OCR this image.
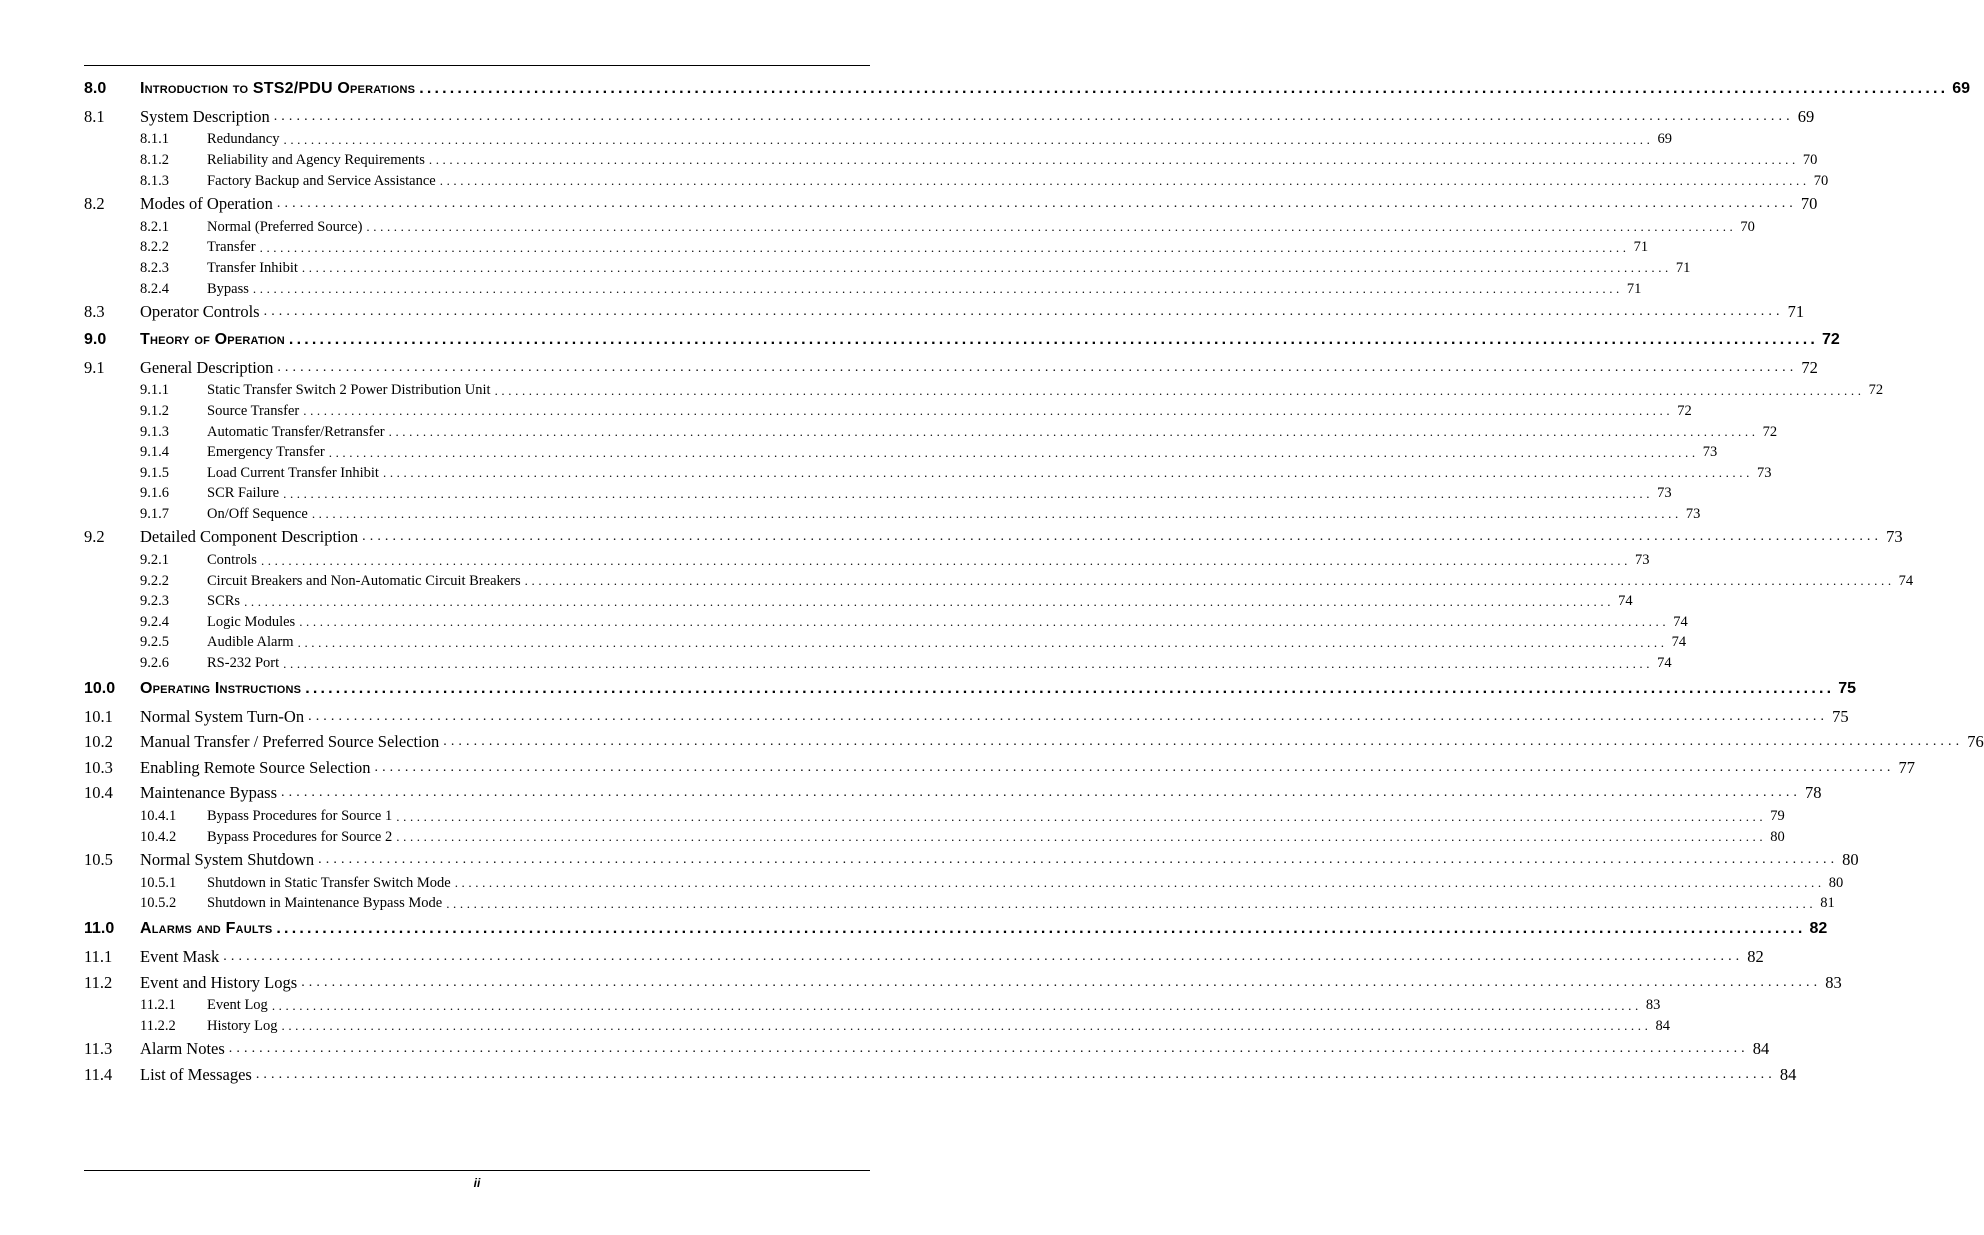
8.0	Introduction to STS2/PDU Operations ........................................................................................................................................................................................................ 69
8.1	System Description ........................................................................................................................................................................................................ 69
8.1.1	Redundancy ........................................................................................................................................................................................................ 69
8.1.2	Reliability and Agency Requirements ........................................................................................................................................................................................................ 70
8.1.3	Factory Backup and Service Assistance ........................................................................................................................................................................................................ 70
8.2	Modes of Operation ........................................................................................................................................................................................................ 70
8.2.1	Normal (Preferred Source) ........................................................................................................................................................................................................ 70
8.2.2	Transfer ........................................................................................................................................................................................................ 71
8.2.3	Transfer Inhibit ........................................................................................................................................................................................................ 71
8.2.4	Bypass ........................................................................................................................................................................................................ 71
8.3	Operator Controls ........................................................................................................................................................................................................ 71
9.0	Theory of Operation ........................................................................................................................................................................................................ 72
9.1	General Description ........................................................................................................................................................................................................ 72
9.1.1	Static Transfer Switch 2 Power Distribution Unit ........................................................................................................................................................................................................ 72
9.1.2	Source Transfer ........................................................................................................................................................................................................ 72
9.1.3	Automatic Transfer/Retransfer ........................................................................................................................................................................................................ 72
9.1.4	Emergency Transfer ........................................................................................................................................................................................................ 73
9.1.5	Load Current Transfer Inhibit ........................................................................................................................................................................................................ 73
9.1.6	SCR Failure ........................................................................................................................................................................................................ 73
9.1.7	On/Off Sequence ........................................................................................................................................................................................................ 73
9.2	Detailed Component Description ........................................................................................................................................................................................................ 73
9.2.1	Controls ........................................................................................................................................................................................................ 73
9.2.2	Circuit Breakers and Non-Automatic Circuit Breakers ........................................................................................................................................................................................................ 74
9.2.3	SCRs ........................................................................................................................................................................................................ 74
9.2.4	Logic Modules ........................................................................................................................................................................................................ 74
9.2.5	Audible Alarm ........................................................................................................................................................................................................ 74
9.2.6	RS-232 Port ........................................................................................................................................................................................................ 74
10.0	Operating Instructions ........................................................................................................................................................................................................ 75
10.1	Normal System Turn-On ........................................................................................................................................................................................................ 75
10.2	Manual Transfer / Preferred Source Selection ........................................................................................................................................................................................................ 76
10.3	Enabling Remote Source Selection ........................................................................................................................................................................................................ 77
10.4	Maintenance Bypass ........................................................................................................................................................................................................ 78
10.4.1	Bypass Procedures for Source 1 ........................................................................................................................................................................................................ 79
10.4.2	Bypass Procedures for Source 2 ........................................................................................................................................................................................................ 80
10.5	Normal System Shutdown ........................................................................................................................................................................................................ 80
10.5.1	Shutdown in Static Transfer Switch Mode ........................................................................................................................................................................................................ 80
10.5.2	Shutdown in Maintenance Bypass Mode ........................................................................................................................................................................................................ 81
11.0	Alarms and Faults ........................................................................................................................................................................................................ 82
11.1	Event Mask ........................................................................................................................................................................................................ 82
11.2	Event and History Logs ........................................................................................................................................................................................................ 83
11.2.1	Event Log ........................................................................................................................................................................................................ 83
11.2.2	History Log ........................................................................................................................................................................................................ 84
11.3	Alarm Notes ........................................................................................................................................................................................................ 84
11.4	List of Messages ........................................................................................................................................................................................................ 84
ii
